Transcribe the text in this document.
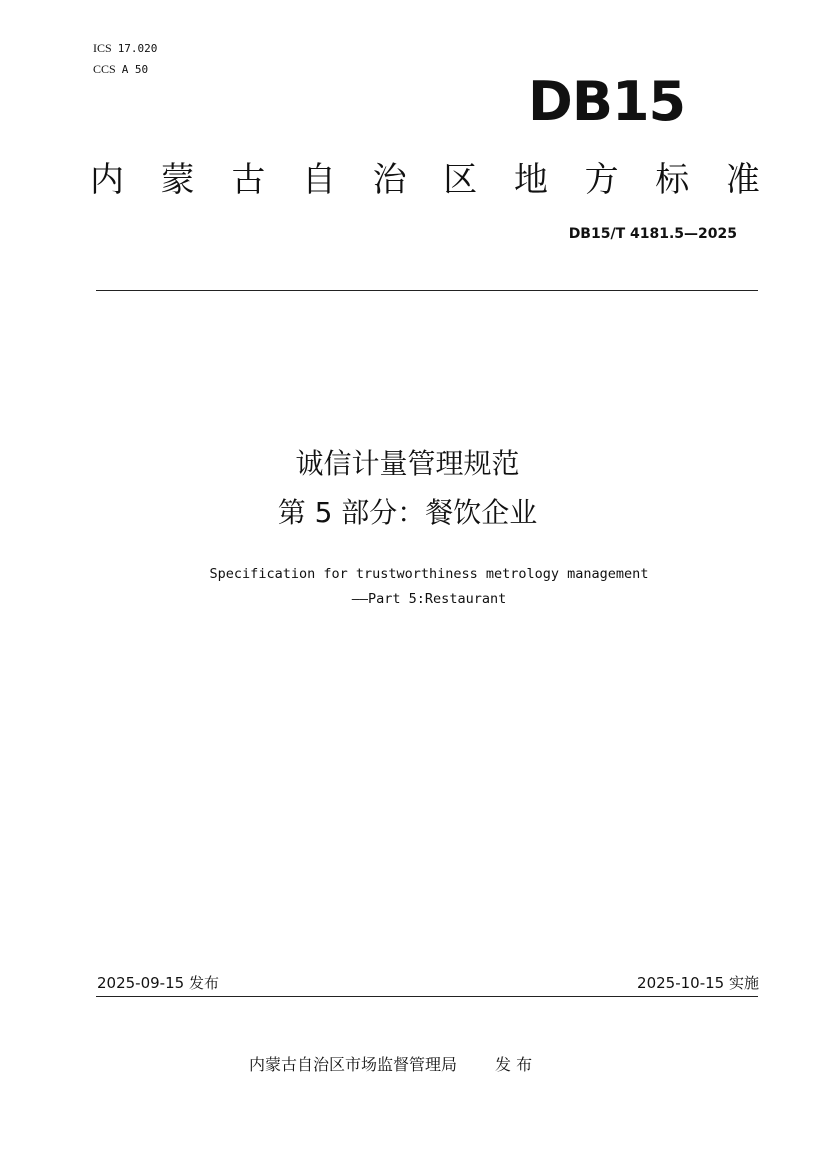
ICS 17.020
CCS A 50
DB15
内 蒙 古 自 治 区 地 方 标 准
DB15/T 4181.5—2025
诚信计量管理规范
第 5 部分：餐饮企业
Specification for trustworthiness metrology management
——Part 5:Restaurant
2025-09-15 发布	2025-10-15 实施
内蒙古自治区市场监督管理局 发 布
